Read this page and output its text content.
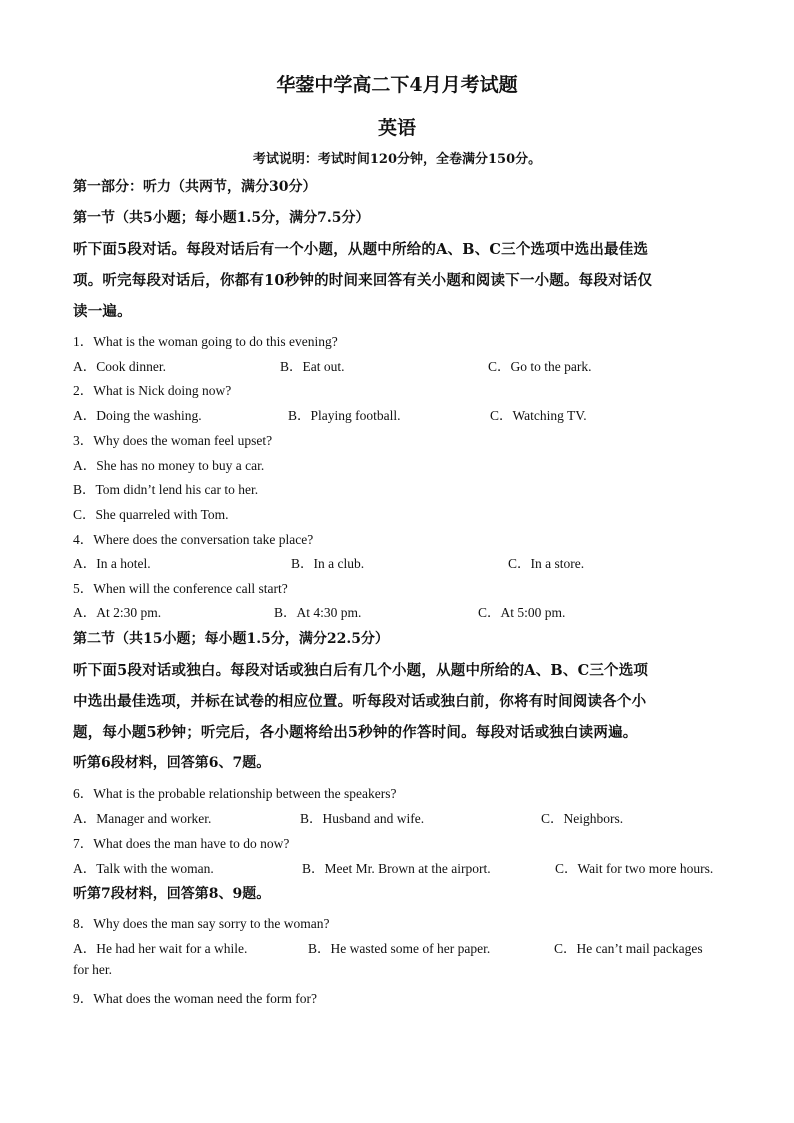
华蓥中学高二下4月月考试题
英语
考试说明：考试时间120分钟，全卷满分150分。
第一部分：听力（共两节，满分30分）
第一节（共5小题；每小题1.5分，满分7.5分）
听下面5段对话。每段对话后有一个小题，从题中所给的A、B、C三个选项中选出最佳选
项。听完每段对话后，你都有10秒钟的时间来回答有关小题和阅读下一小题。每段对话仅
读一遍。
1．What is the woman going to do this evening?
A．Cook dinner.	B．Eat out.	C．Go to the park.
2．What is Nick doing now?
A．Doing the washing.	B．Playing football.	C．Watching TV.
3．Why does the woman feel upset?
A．She has no money to buy a car.
B．Tom didn’t lend his car to her.
C．She quarreled with Tom.
4．Where does the conversation take place?
A．In a hotel.	B．In a club.	C．In a store.
5．When will the conference call start?
A．At 2:30 pm.	B．At 4:30 pm.	C．At 5:00 pm.
第二节（共15小题；每小题1.5分，满分22.5分）
听下面5段对话或独白。每段对话或独白后有几个小题，从题中所给的A、B、C三个选项
中选出最佳选项，并标在试卷的相应位置。听每段对话或独白前，你将有时间阅读各个小
题，每小题5秒钟；听完后，各小题将给出5秒钟的作答时间。每段对话或独白读两遍。
听第6段材料，回答第6、7题。
6．What is the probable relationship between the speakers?
A．Manager and worker.	B．Husband and wife.	C．Neighbors.
7．What does the man have to do now?
A．Talk with the woman.	B．Meet Mr. Brown at the airport.	C．Wait for two more hours.
听第7段材料，回答第8、9题。
8．Why does the man say sorry to the woman?
A．He had her wait for a while.	B．He wasted some of her paper.	C．He can’t mail packages
for her.
9．What does the woman need the form for?
